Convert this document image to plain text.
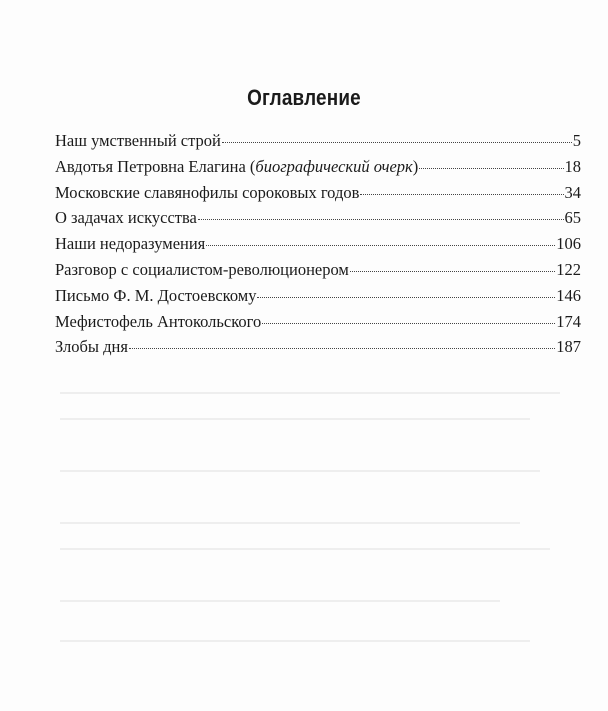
Оглавление
Наш умственный строй	5
Авдотья Петровна Елагина (биографический очерк)	18
Московские славянофилы сороковых годов	34
О задачах искусства	65
Наши недоразумения	106
Разговор с социалистом-революционером	122
Письмо Ф. М. Достоевскому	146
Мефистофель Антокольского	174
Злобы дня	187
